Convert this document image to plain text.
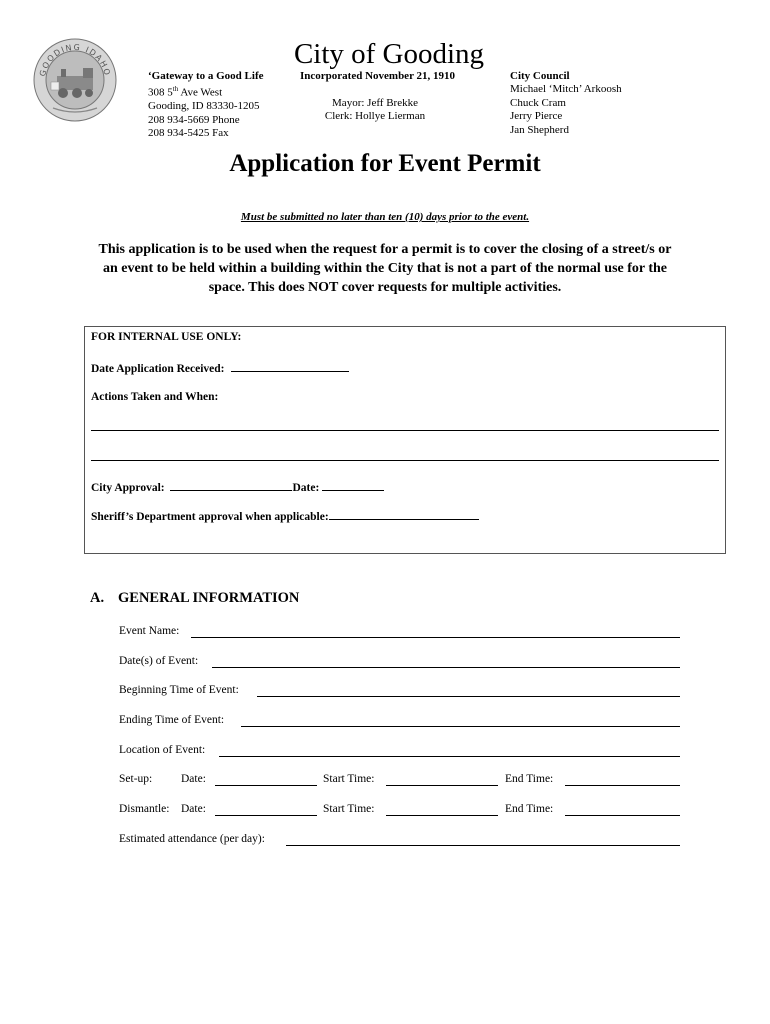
GOODING IDAHO
City of Gooding
‘Gateway to a Good Life
308 5th Ave West
Gooding, ID 83330-1205
208 934-5669 Phone
208 934-5425 Fax
Incorporated November 21, 1910
Mayor: Jeff Brekke
Clerk: Hollye Lierman
City Council
Michael ‘Mitch’ Arkoosh
Chuck Cram
Jerry Pierce
Jan Shepherd
Application for Event Permit
Must be submitted no later than ten (10) days prior to the event.
This application is to be used when the request for a permit is to cover the closing of a street/s or an event to be held within a building within the City that is not a part of the normal use for the space. This does NOT cover requests for multiple activities.
FOR INTERNAL USE ONLY:
Date Application Received:
Actions Taken and When:
City Approval:	Date:
Sheriff’s Department approval when applicable:
A. GENERAL INFORMATION
Event Name:
Date(s) of Event:
Beginning Time of Event:
Ending Time of Event:
Location of Event:
Set-up:	Date:	Start Time:	End Time:
Dismantle: Date:	Start Time:	End Time:
Estimated attendance (per day):
